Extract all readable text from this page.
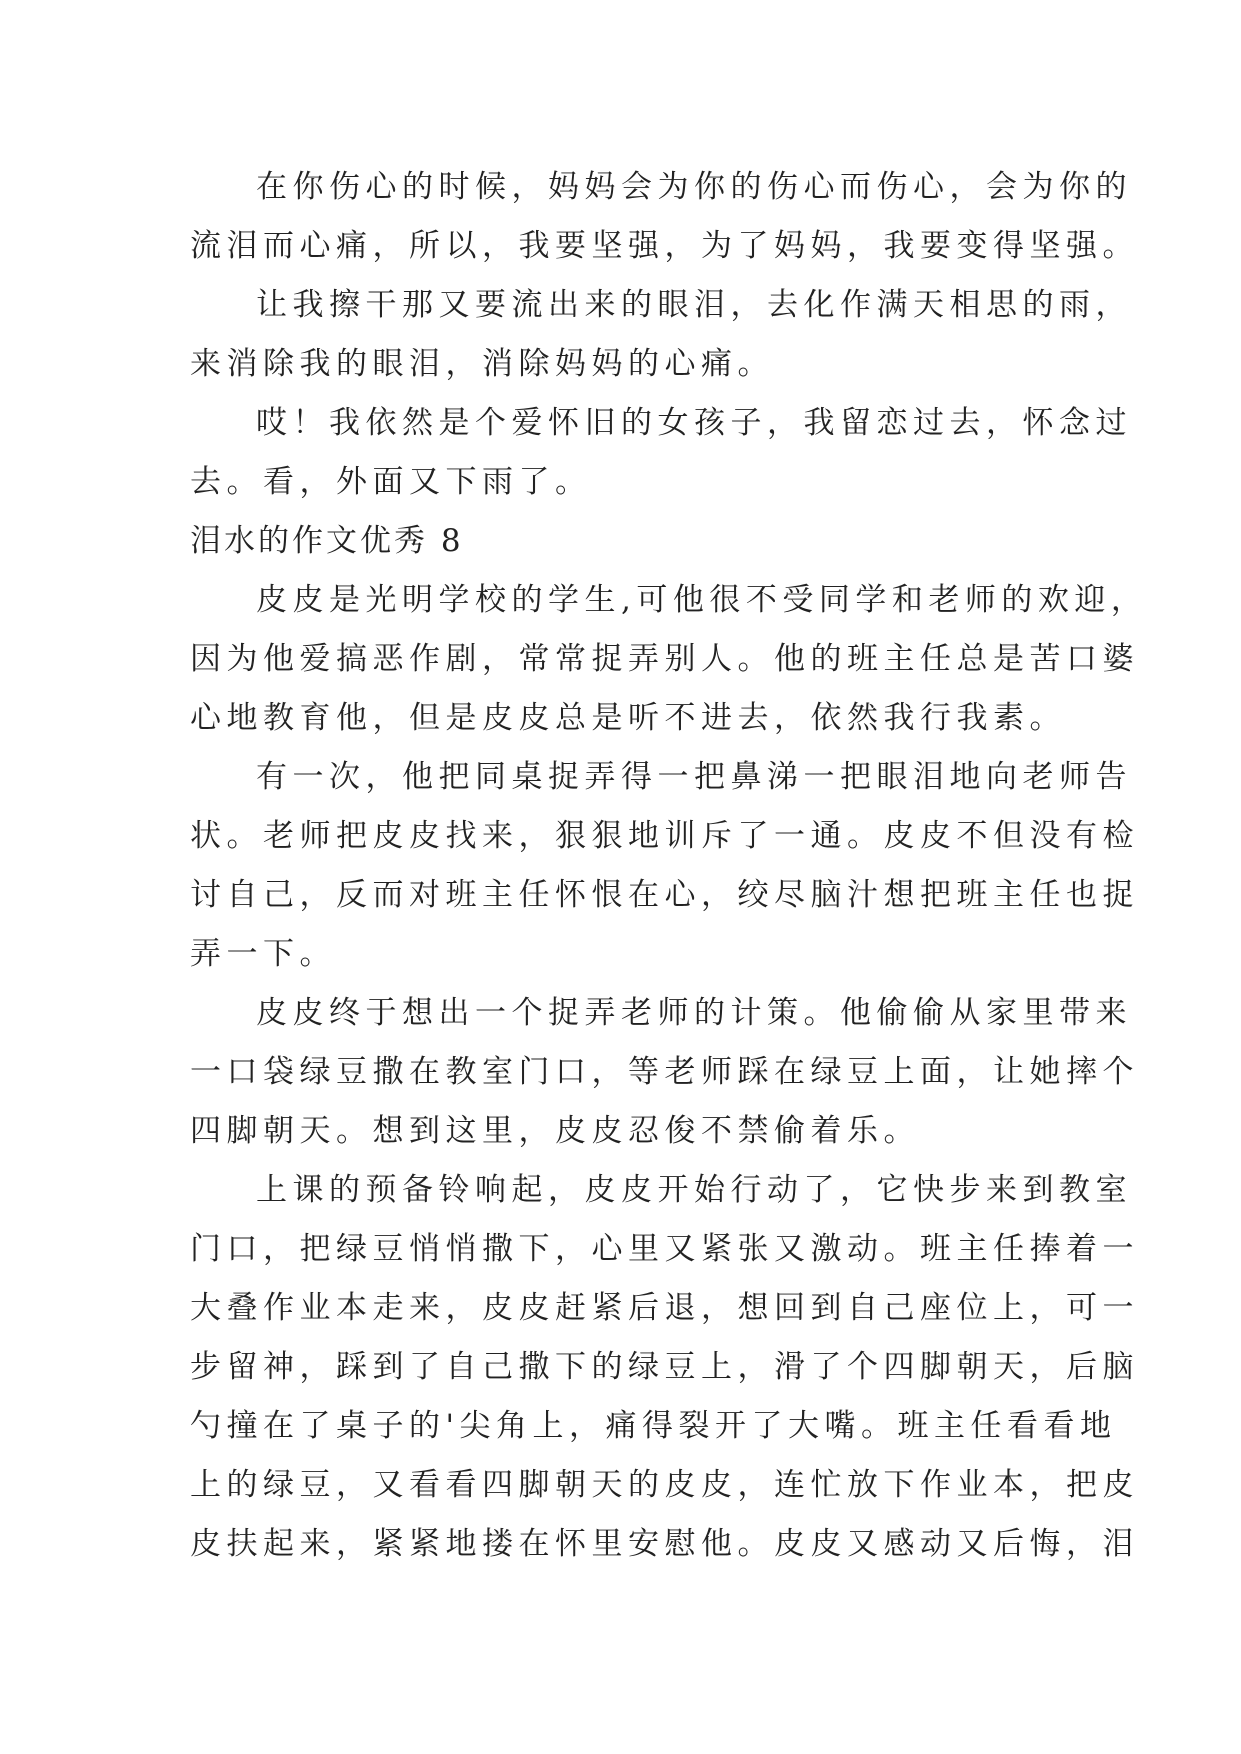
在你伤心的时候，妈妈会为你的伤心而伤心，会为你的
流泪而心痛，所以，我要坚强，为了妈妈，我要变得坚强。
让我擦干那又要流出来的眼泪，去化作满天相思的雨，
来消除我的眼泪，消除妈妈的心痛。
哎！我依然是个爱怀旧的女孩子，我留恋过去，怀念过
去。看，外面又下雨了。
泪水的作文优秀 8
皮皮是光明学校的学生,可他很不受同学和老师的欢迎，
因为他爱搞恶作剧，常常捉弄别人。他的班主任总是苦口婆
心地教育他，但是皮皮总是听不进去，依然我行我素。
有一次，他把同桌捉弄得一把鼻涕一把眼泪地向老师告
状。老师把皮皮找来，狠狠地训斥了一通。皮皮不但没有检
讨自己，反而对班主任怀恨在心，绞尽脑汁想把班主任也捉
弄一下。
皮皮终于想出一个捉弄老师的计策。他偷偷从家里带来
一口袋绿豆撒在教室门口，等老师踩在绿豆上面，让她摔个
四脚朝天。想到这里，皮皮忍俊不禁偷着乐。
上课的预备铃响起，皮皮开始行动了，它快步来到教室
门口，把绿豆悄悄撒下，心里又紧张又激动。班主任捧着一
大叠作业本走来，皮皮赶紧后退，想回到自己座位上，可一
步留神，踩到了自己撒下的绿豆上，滑了个四脚朝天，后脑
勺撞在了桌子的'尖角上，痛得裂开了大嘴。班主任看看地
上的绿豆，又看看四脚朝天的皮皮，连忙放下作业本，把皮
皮扶起来，紧紧地搂在怀里安慰他。皮皮又感动又后悔，泪
